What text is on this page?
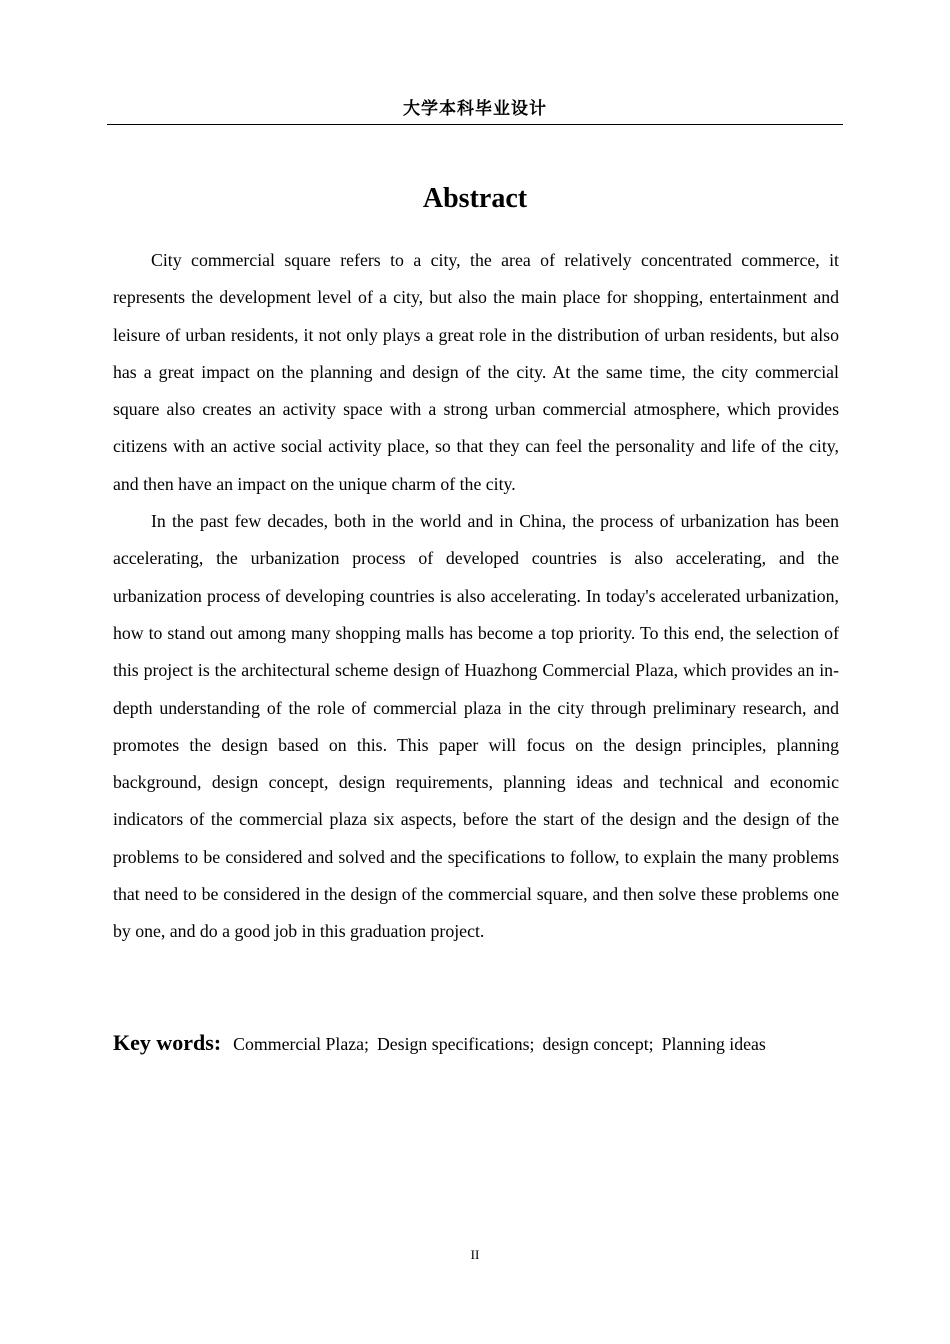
大学本科毕业设计
Abstract

City commercial square refers to a city, the area of relatively concentrated commerce, it represents the development level of a city, but also the main place for shopping, entertainment and leisure of urban residents, it not only plays a great role in the distribution of urban residents, but also has a great impact on the planning and design of the city. At the same time, the city commercial square also creates an activity space with a strong urban commercial atmosphere, which provides citizens with an active social activity place, so that they can feel the personality and life of the city, and then have an impact on the unique charm of the city.

In the past few decades, both in the world and in China, the process of urbanization has been accelerating, the urbanization process of developed countries is also accelerating, and the urbanization process of developing countries is also accelerating. In today's accelerated urbanization, how to stand out among many shopping malls has become a top priority. To this end, the selection of this project is the architectural scheme design of Huazhong Commercial Plaza, which provides an in-depth understanding of the role of commercial plaza in the city through preliminary research, and promotes the design based on this. This paper will focus on the design principles, planning background, design concept, design requirements, planning ideas and technical and economic indicators of the commercial plaza six aspects, before the start of the design and the design of the problems to be considered and solved and the specifications to follow, to explain the many problems that need to be considered in the design of the commercial square, and then solve these problems one by one, and do a good job in this graduation project.

Key words: Commercial Plaza; Design specifications; design concept; Planning ideas
II
